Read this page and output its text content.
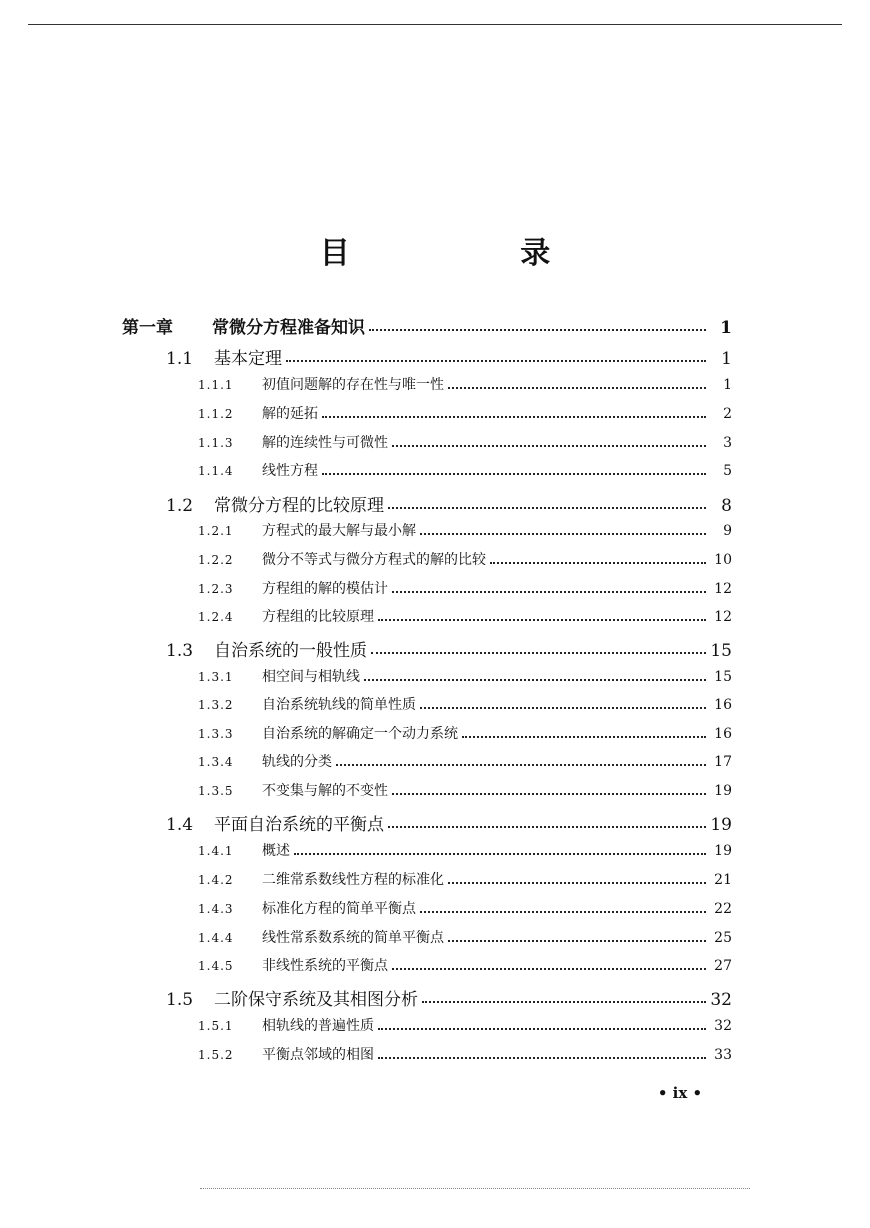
目 录
第一章	常微分方程准备知识	1
1.1	基本定理	1
1.1.1	初值问题解的存在性与唯一性	1
1.1.2	解的延拓	2
1.1.3	解的连续性与可微性	3
1.1.4	线性方程	5
1.2	常微分方程的比较原理	8
1.2.1	方程式的最大解与最小解	9
1.2.2	微分不等式与微分方程式的解的比较	10
1.2.3	方程组的解的模估计	12
1.2.4	方程组的比较原理	12
1.3	自治系统的一般性质	15
1.3.1	相空间与相轨线	15
1.3.2	自治系统轨线的简单性质	16
1.3.3	自治系统的解确定一个动力系统	16
1.3.4	轨线的分类	17
1.3.5	不变集与解的不变性	19
1.4	平面自治系统的平衡点	19
1.4.1	概述	19
1.4.2	二维常系数线性方程的标准化	21
1.4.3	标准化方程的简单平衡点	22
1.4.4	线性常系数系统的简单平衡点	25
1.4.5	非线性系统的平衡点	27
1.5	二阶保守系统及其相图分析	32
1.5.1	相轨线的普遍性质	32
1.5.2	平衡点邻域的相图	33
• ix •
